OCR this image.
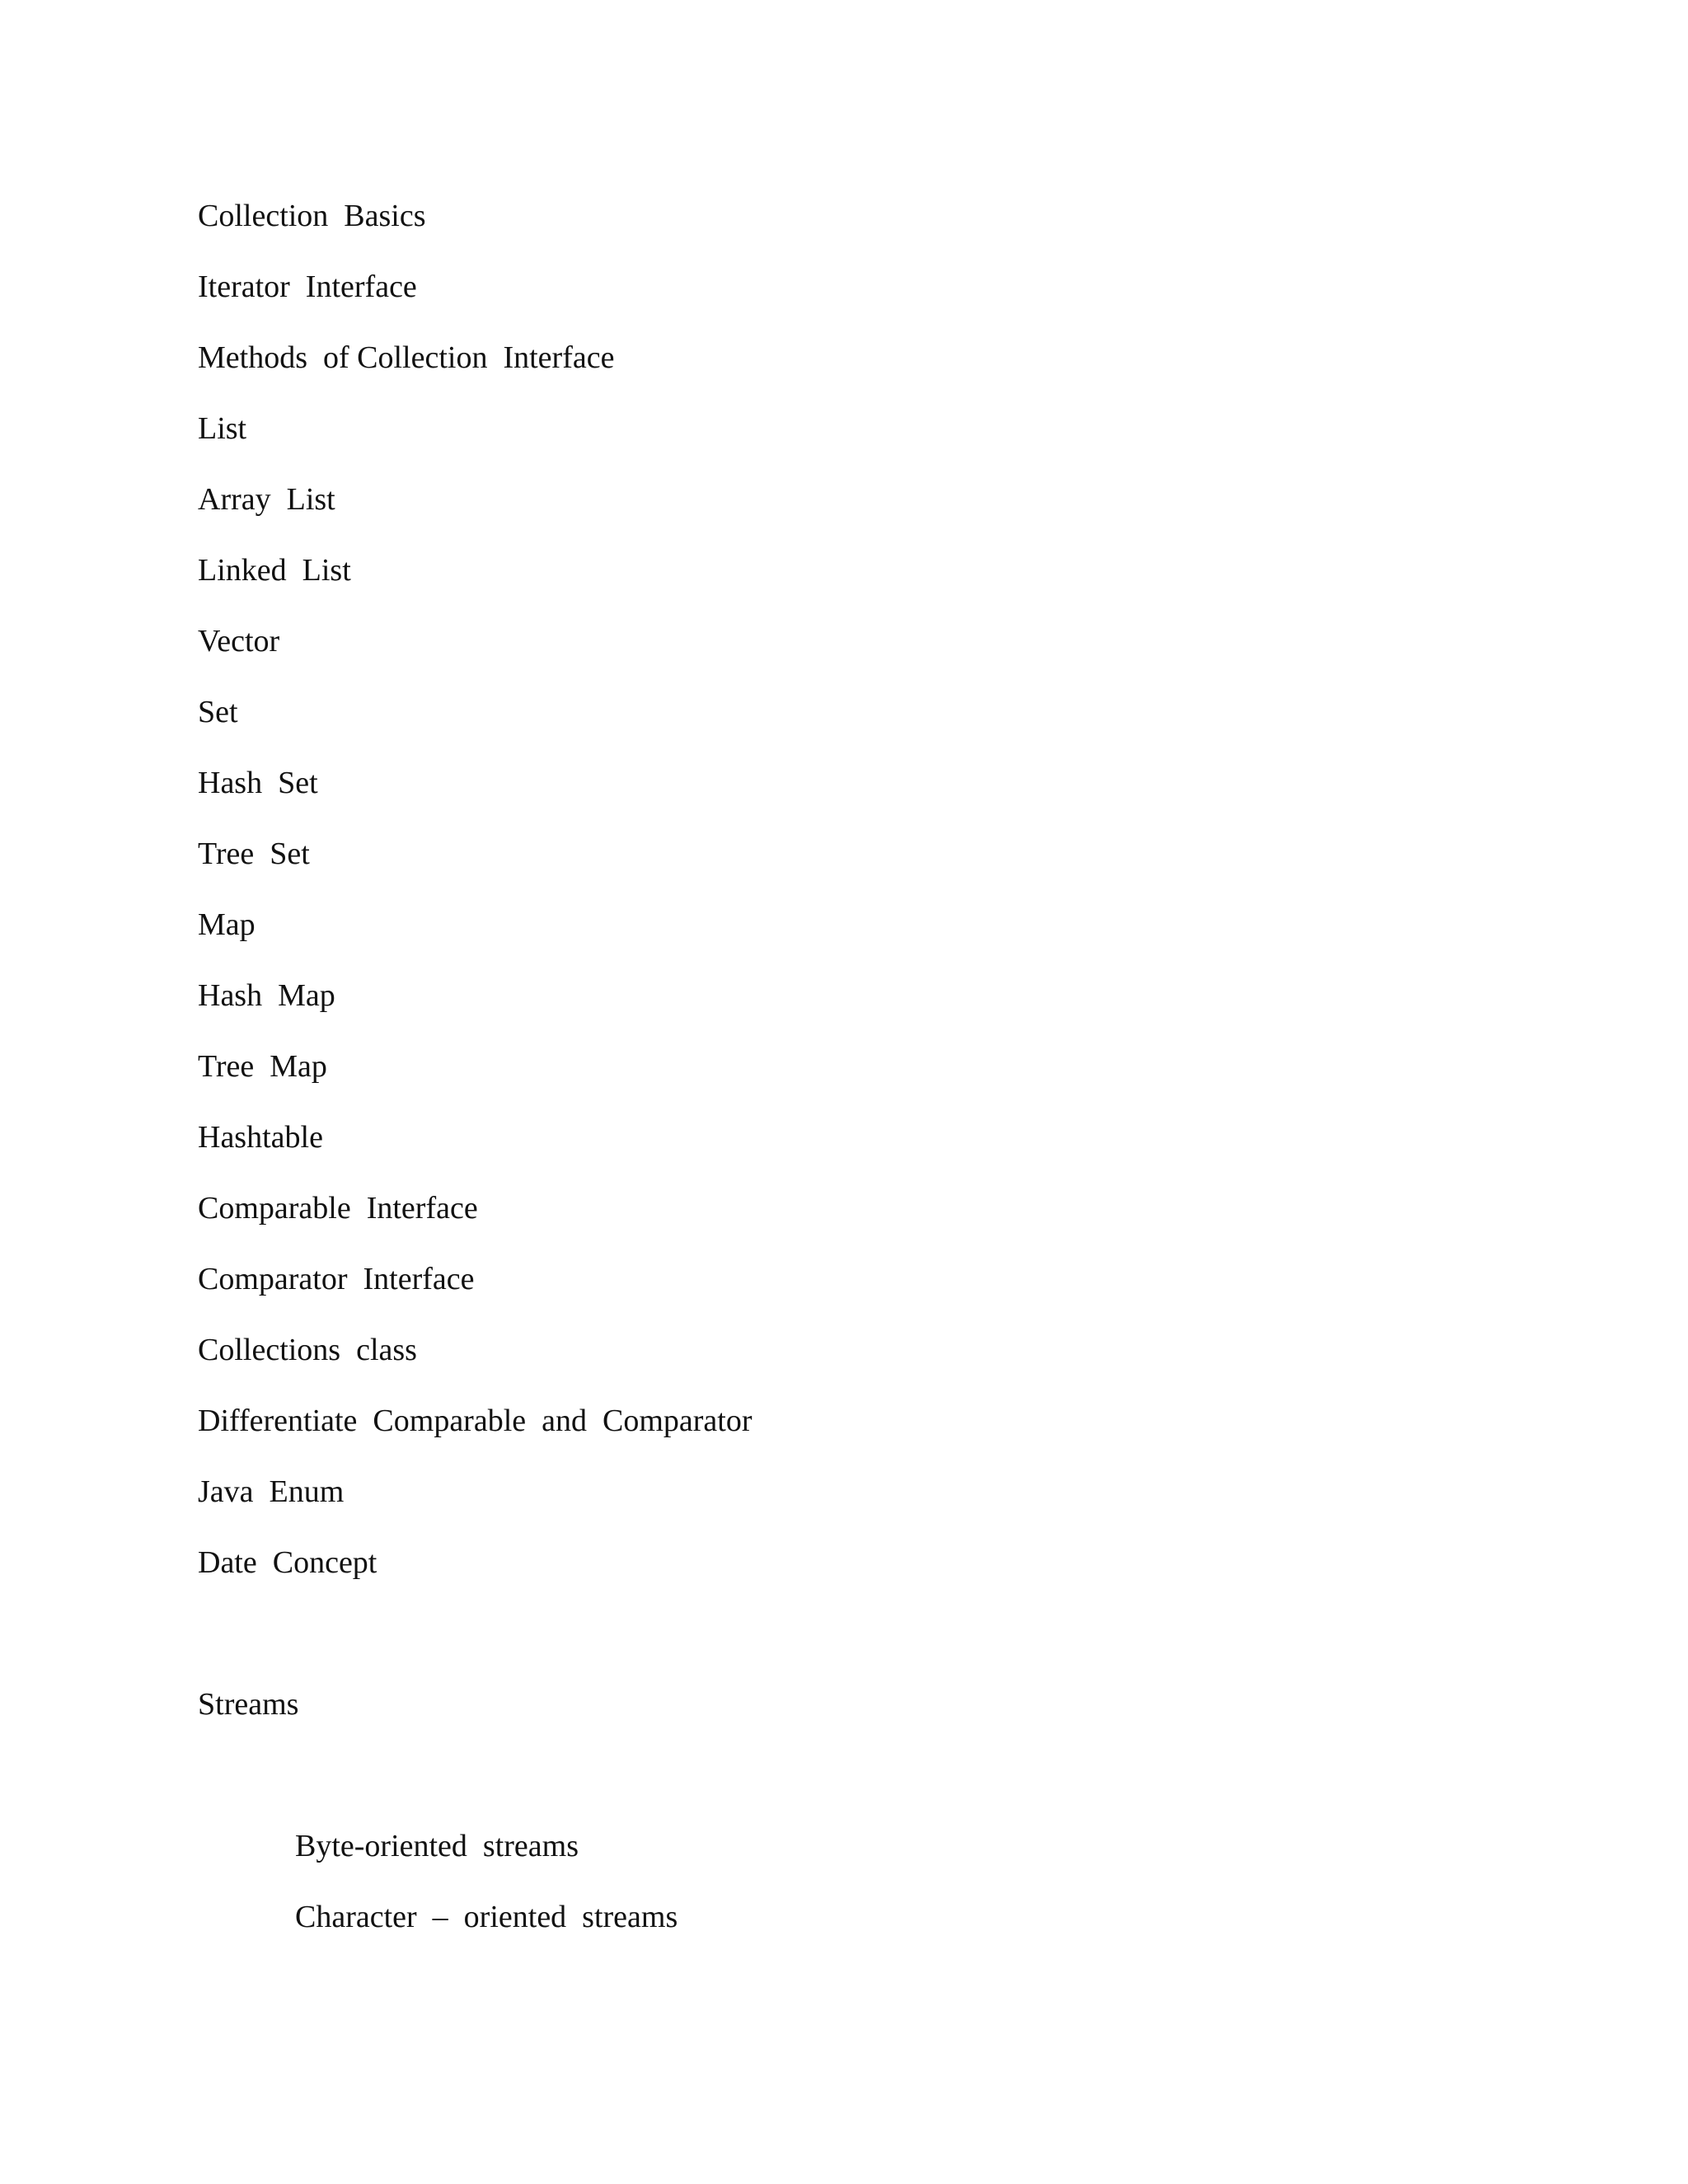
Collection  Basics

Iterator  Interface

Methods  of Collection  Interface

List

Array  List

Linked  List

Vector

Set

Hash  Set

Tree  Set

Map

Hash  Map

Tree  Map

Hashtable

Comparable  Interface

Comparator  Interface

Collections  class

Differentiate  Comparable  and  Comparator

Java  Enum

Date  Concept

Streams

Byte-oriented  streams

Character  –  oriented  streams
